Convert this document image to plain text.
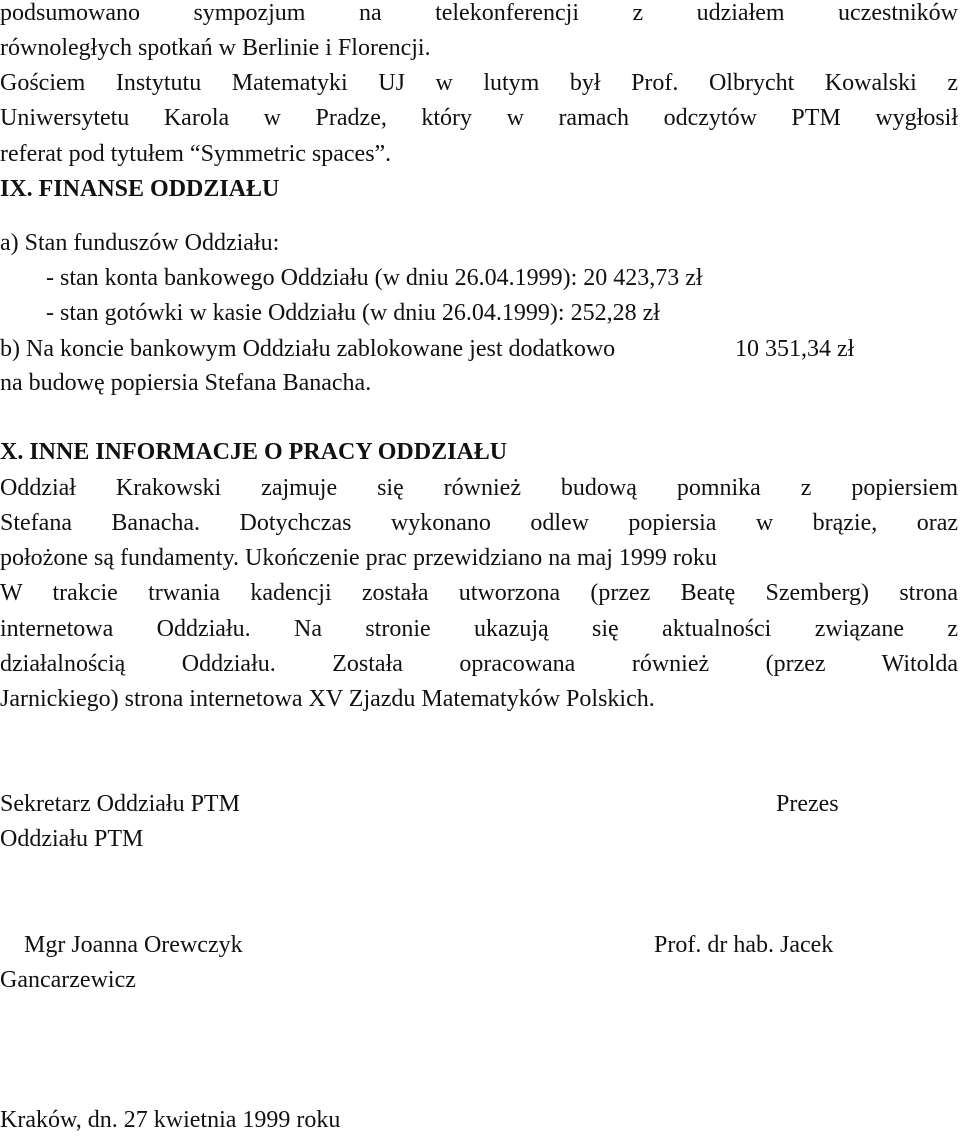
podsumowano sympozjum na telekonferencji z udziałem uczestników
równoległych spotkań w Berlinie i Florencji.
Gościem Instytutu Matematyki UJ w lutym był Prof. Olbrycht Kowalski z
Uniwersytetu Karola w Pradze, który w ramach odczytów PTM wygłosił
referat pod tytułem “Symmetric spaces”.
IX. FINANSE ODDZIAŁU
a) Stan funduszów Oddziału:
- stan konta bankowego Oddziału (w dniu 26.04.1999): 20 423,73 zł
- stan gotówki w kasie Oddziału (w dniu 26.04.1999): 252,28 zł
b) Na koncie bankowym Oddziału zablokowane jest dodatkowo	10 351,34 zł
na budowę popiersia Stefana Banacha.
X. INNE INFORMACJE O PRACY ODDZIAŁU
Oddział Krakowski zajmuje się również budową pomnika z popiersiem
Stefana Banacha. Dotychczas wykonano odlew popiersia w brązie, oraz
położone są fundamenty. Ukończenie prac przewidziano na maj 1999 roku
W trakcie trwania kadencji została utworzona (przez Beatę Szemberg) strona
internetowa Oddziału. Na stronie ukazują się aktualności związane z
działalnością Oddziału. Została opracowana również (przez Witolda
Jarnickiego) strona internetowa XV Zjazdu Matematyków Polskich.
Sekretarz Oddziału PTM
Oddziału PTM
Prezes
Mgr Joanna Orewczyk
Gancarzewicz
Prof. dr hab. Jacek
Kraków, dn. 27 kwietnia 1999 roku
